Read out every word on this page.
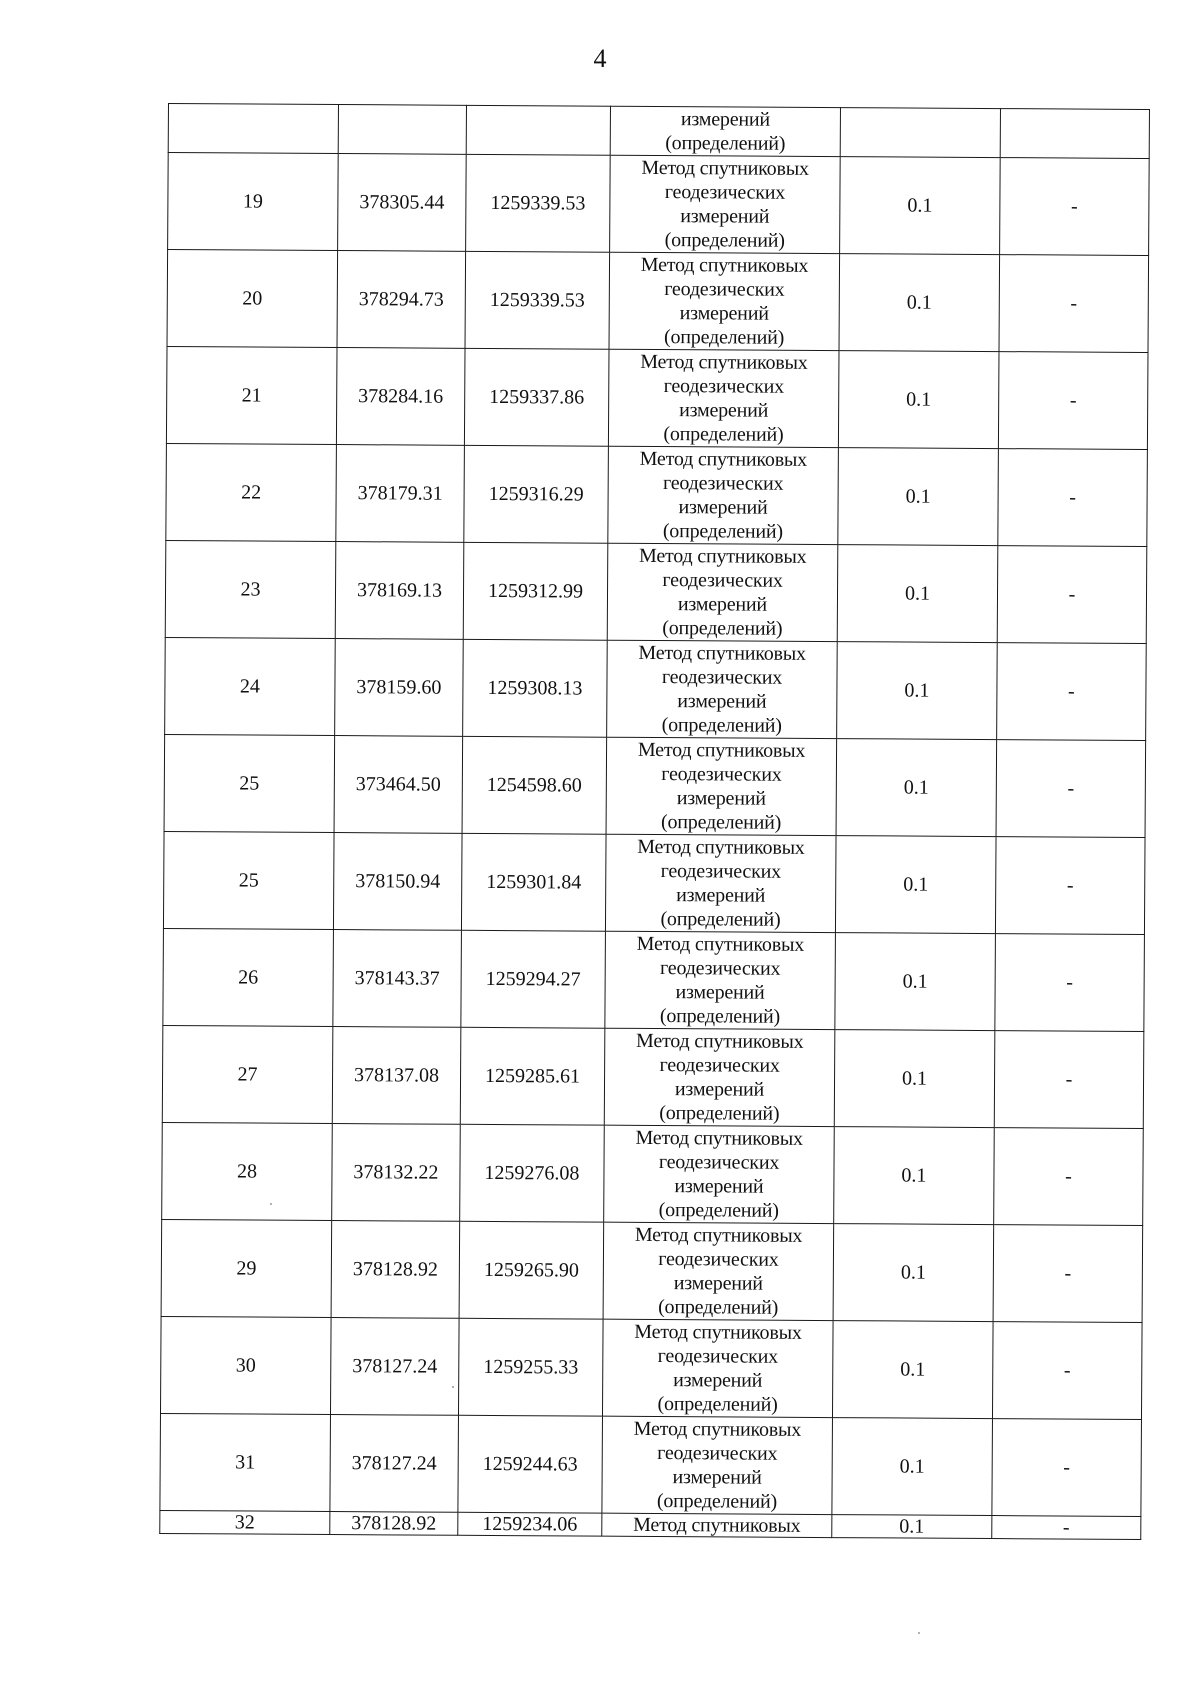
4

			измерений
(определений)		

19	378305.44	1259339.53	Метод спутниковых
геодезических
измерений
(определений)	0.1	-
20	378294.73	1259339.53	Метод спутниковых
геодезических
измерений
(определений)	0.1	-
21	378284.16	1259337.86	Метод спутниковых
геодезических
измерений
(определений)	0.1	-
22	378179.31	1259316.29	Метод спутниковых
геодезических
измерений
(определений)	0.1	-
23	378169.13	1259312.99	Метод спутниковых
геодезических
измерений
(определений)	0.1	-
24	378159.60	1259308.13	Метод спутниковых
геодезических
измерений
(определений)	0.1	-
25	373464.50	1254598.60	Метод спутниковых
геодезических
измерений
(определений)	0.1	-
25	378150.94	1259301.84	Метод спутниковых
геодезических
измерений
(определений)	0.1	-
26	378143.37	1259294.27	Метод спутниковых
геодезических
измерений
(определений)	0.1	-
27	378137.08	1259285.61	Метод спутниковых
геодезических
измерений
(определений)	0.1	-
28	378132.22	1259276.08	Метод спутниковых
геодезических
измерений
(определений)	0.1	-
29	378128.92	1259265.90	Метод спутниковых
геодезических
измерений
(определений)	0.1	-
30	378127.24	1259255.33	Метод спутниковых
геодезических
измерений
(определений)	0.1	-
31	378127.24	1259244.63	Метод спутниковых
геодезических
измерений
(определений)	0.1	-
32	378128.92	1259234.06	Метод спутниковых	0.1	-
